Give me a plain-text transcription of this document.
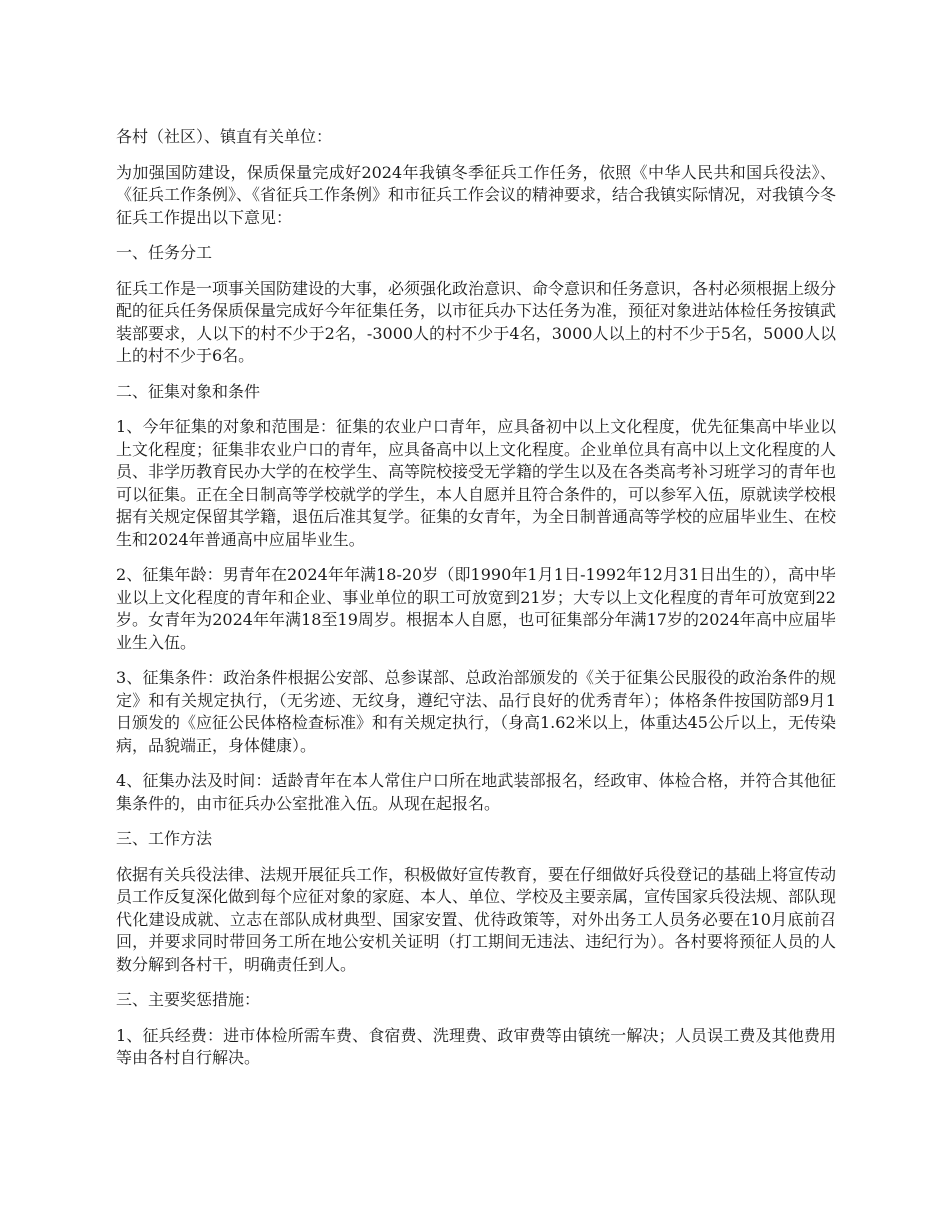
各村（社区）、镇直有关单位：

为加强国防建设，保质保量完成好2024年我镇冬季征兵工作任务，依照《中华人民共和国兵役法》、《征兵工作条例》、《省征兵工作条例》和市征兵工作会议的精神要求，结合我镇实际情况，对我镇今冬征兵工作提出以下意见：

一、任务分工

征兵工作是一项事关国防建设的大事，必须强化政治意识、命令意识和任务意识，各村必须根据上级分配的征兵任务保质保量完成好今年征集任务，以市征兵办下达任务为准，预征对象进站体检任务按镇武装部要求，人以下的村不少于2名，-3000人的村不少于4名，3000人以上的村不少于5名，5000人以上的村不少于6名。

二、征集对象和条件

1、今年征集的对象和范围是：征集的农业户口青年，应具备初中以上文化程度，优先征集高中毕业以上文化程度；征集非农业户口的青年，应具备高中以上文化程度。企业单位具有高中以上文化程度的人员、非学历教育民办大学的在校学生、高等院校接受无学籍的学生以及在各类高考补习班学习的青年也可以征集。正在全日制高等学校就学的学生，本人自愿并且符合条件的，可以参军入伍，原就读学校根据有关规定保留其学籍，退伍后准其复学。征集的女青年，为全日制普通高等学校的应届毕业生、在校生和2024年普通高中应届毕业生。

2、征集年龄：男青年在2024年年满18-20岁（即1990年1月1日-1992年12月31日出生的），高中毕业以上文化程度的青年和企业、事业单位的职工可放宽到21岁；大专以上文化程度的青年可放宽到22岁。女青年为2024年年满18至19周岁。根据本人自愿，也可征集部分年满17岁的2024年高中应届毕业生入伍。

3、征集条件：政治条件根据公安部、总参谋部、总政治部颁发的《关于征集公民服役的政治条件的规定》和有关规定执行，（无劣迹、无纹身，遵纪守法、品行良好的优秀青年）；体格条件按国防部9月1日颁发的《应征公民体格检查标准》和有关规定执行，（身高1.62米以上，体重达45公斤以上，无传染病，品貌端正，身体健康）。

4、征集办法及时间：适龄青年在本人常住户口所在地武装部报名，经政审、体检合格，并符合其他征集条件的，由市征兵办公室批准入伍。从现在起报名。

三、工作方法

依据有关兵役法律、法规开展征兵工作，积极做好宣传教育，要在仔细做好兵役登记的基础上将宣传动员工作反复深化做到每个应征对象的家庭、本人、单位、学校及主要亲属，宣传国家兵役法规、部队现代化建设成就、立志在部队成材典型、国家安置、优待政策等，对外出务工人员务必要在10月底前召回，并要求同时带回务工所在地公安机关证明（打工期间无违法、违纪行为）。各村要将预征人员的人数分解到各村干，明确责任到人。

三、主要奖惩措施：

1、征兵经费：进市体检所需车费、食宿费、洗理费、政审费等由镇统一解决；人员误工费及其他费用等由各村自行解决。
